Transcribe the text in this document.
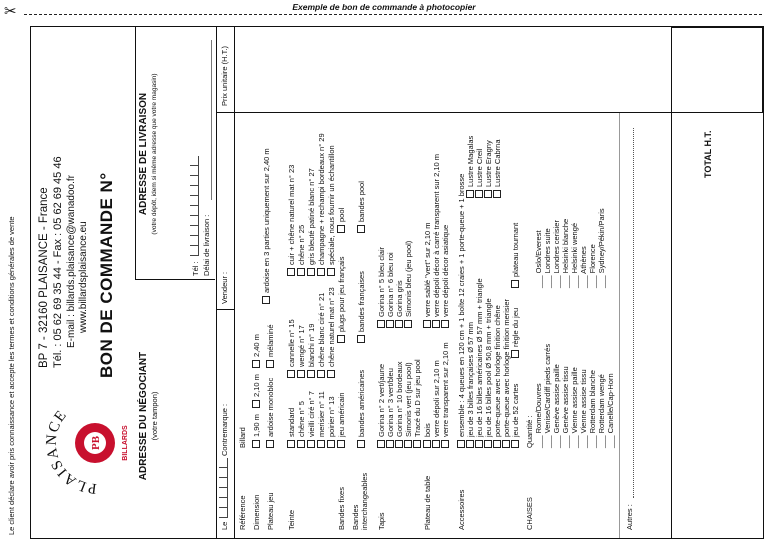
✂	Exemple de bon de commande à photocopier
Le client déclare avoir pris connaissance et accepte les termes et conditions générales de vente	PB
PLAISANCE
BILLARDS
BP 7 - 32160 PLAISANCE - France Tél. : 05 62 69 35 44 - Fax : 05 62 69 45 46 E-mail : billards.plaisance@wanadoo.fr www.billardsplaisance.eu BON DE COMMANDE N°
ADRESSE DU NÉGOCIANT (votre tampon)
ADRESSE DE LIVRAISON (votre dépôt, idem si même adresse que votre magasin)
Tél : Délai de livraison :
Le
Contremarque :
Vendeur :
Prix unitaire (H.T.)
Référence
Billard
Dimension
1,90 m
2,10 m
2,40 m
Plateau jeu
ardoise monobloc
mélaminé
ardoise en 3 parties uniquement sur 2,40 m
Teinte
standard chêne n° 5 vieilli ciré n° 7 merisier n° 11 poirier n° 13
cannelle n° 15 wengé n° 17 blanchi n° 19 chêne blanc ciré n° 21 chêne naturel mat n° 23
cuir + chêne naturel mat n° 23 chêne n° 25 gris bleuté patiné blanc n° 27 champagne + rechampi bordeaux n° 29 spéciale, nous fournir un échantillon
Bandes fixes
jeu américain
plugs pour jeu français
pool
Bandes interchangeables
bandes américaines
bandes françaises
bandes pool
Tapis
Gorina n° 2 vert/jaune Gorina n° 3 vert/bleu Gorina n° 10 bordeaux Simonis vert (jeu pool) Tracé du D sur jeu pool
Gorina n° 5 bleu clair Gorina n° 6 bleu roi Gorina gris Simonis bleu (jeu pool)
Plateau de table
bois verre dépoli sur 2,10 m verre transparent sur 2,10 m
verre sablé "vert" sur 2,10 m verre dépoli décor à carré transparent sur 2,10 m verre dépoli décor asiatique
Accessoires
ensemble : 4 queues en 120 cm + 1 boîte 12 craies + 1 porte-queue + 1 brosse jeu de 3 billes françaises Ø 57 mm jeu de 16 billes américaines Ø 57 mm + triangle jeu de 16 billes pool Ø 50,8 mm + triangle porte-queue avec horloge finition chêne porte-queue avec horloge finition merisier jeu de 52 cartes
règle du jeu
plateau tournant
Lustre Magalas Lustre Creil Lustre Eragny Lustre Cabrna
CHAISES
Quantité : ___ Rome/Douvres
___ Venise/Cardiff pieds carrés
___ Genève assise paille
___ Genève assise tissu
___ Vienne assise paille
___ Vienne assise tissu
___ Rotterdam blanche
___ Rotterdam wengé
___ Canelle/Cap-Horn
___ Oslo/Everest
___ Londres suite
___ Londres cerisier
___ Helsinki blanche
___ Helsinki wengé
___ Athènes
___ Florence
___ Sydney/Pékin/Paris
Autres :
TOTAL H.T.
